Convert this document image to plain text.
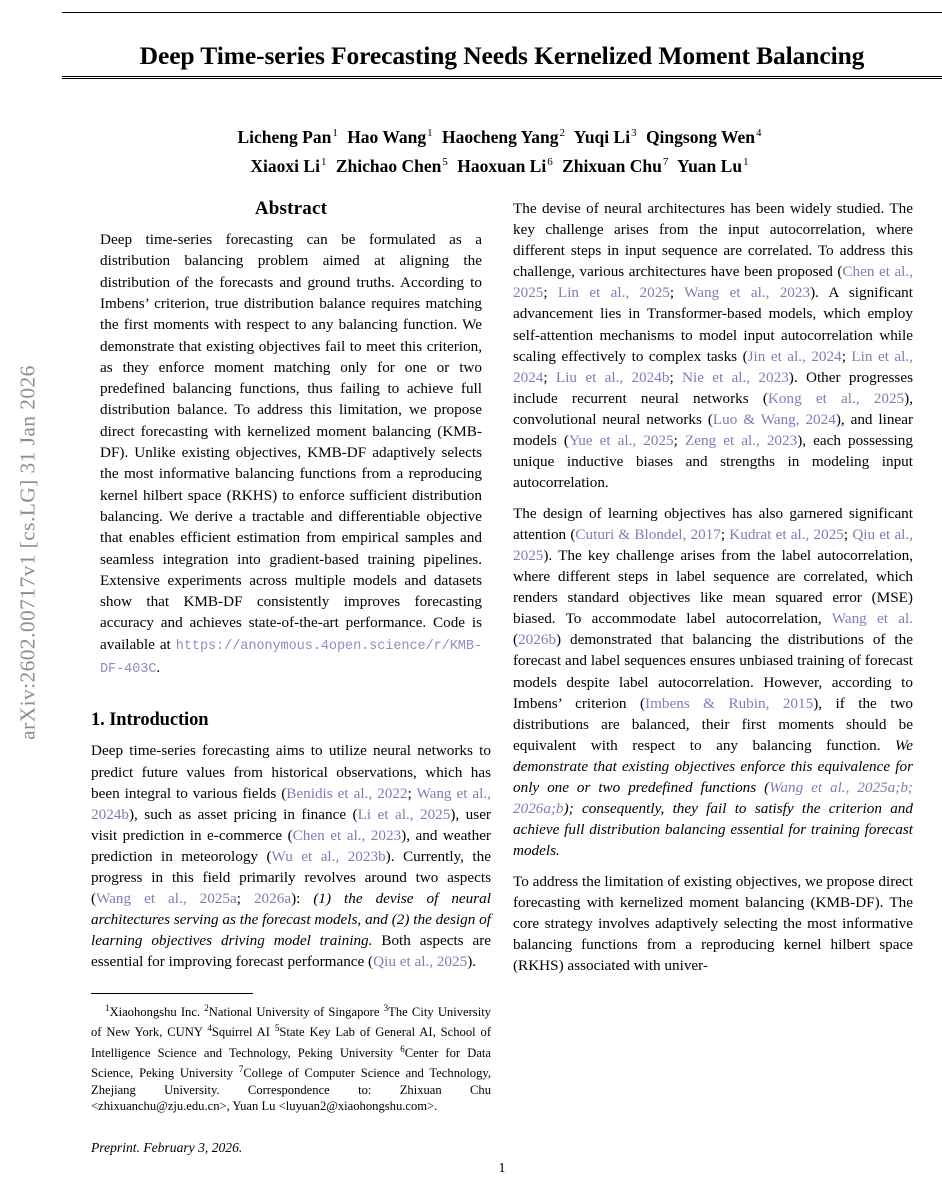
arXiv:2602.00717v1 [cs.LG] 31 Jan 2026
Deep Time-series Forecasting Needs Kernelized Moment Balancing
Licheng Pan$^1$ Hao Wang$^1$ Haocheng Yang$^2$ Yuqi Li$^3$ Qingsong Wen$^4$
Xiaoxi Li$^1$ Zhichao Chen$^5$ Haoxuan Li$^6$ Zhixuan Chu$^7$ Yuan Lu$^1$
Abstract

Deep time-series forecasting can be formulated as a distribution balancing problem aimed at aligning the distribution of the forecasts and ground truths. According to Imbens’ criterion, true distribution balance requires matching the first moments with respect to any balancing function. We demonstrate that existing objectives fail to meet this criterion, as they enforce moment matching only for one or two predefined balancing functions, thus failing to achieve full distribution balance. To address this limitation, we propose direct forecasting with kernelized moment balancing (KMB-DF). Unlike existing objectives, KMB-DF adaptively selects the most informative balancing functions from a reproducing kernel hilbert space (RKHS) to enforce sufficient distribution balancing. We derive a tractable and differentiable objective that enables efficient estimation from empirical samples and seamless integration into gradient-based training pipelines. Extensive experiments across multiple models and datasets show that KMB-DF consistently improves forecasting accuracy and achieves state-of-the-art performance. Code is available at https://anonymous.4open.science/r/KMB-DF-403C.

1. Introduction

Deep time-series forecasting aims to utilize neural networks to predict future values from historical observations, which has been integral to various fields (Benidis et al., 2022; Wang et al., 2024b), such as asset pricing in finance (Li et al., 2025), user visit prediction in e-commerce (Chen et al., 2023), and weather prediction in meteorology (Wu et al., 2023b). Currently, the progress in this field primarily revolves around two aspects (Wang et al., 2025a; 2026a): (1) the devise of neural architectures serving as the forecast models, and (2) the design of learning objectives driving model training. Both aspects are essential for improving forecast performance (Qiu et al., 2025).

The devise of neural architectures has been widely studied. The key challenge arises from the input autocorrelation, where different steps in input sequence are correlated. To address this challenge, various architectures have been proposed (Chen et al., 2025; Lin et al., 2025; Wang et al., 2023). A significant advancement lies in Transformer-based models, which employ self-attention mechanisms to model input autocorrelation while scaling effectively to complex tasks (Jin et al., 2024; Lin et al., 2024; Liu et al., 2024b; Nie et al., 2023). Other progresses include recurrent neural networks (Kong et al., 2025), convolutional neural networks (Luo & Wang, 2024), and linear models (Yue et al., 2025; Zeng et al., 2023), each possessing unique inductive biases and strengths in modeling input autocorrelation.

The design of learning objectives has also garnered significant attention (Cuturi & Blondel, 2017; Kudrat et al., 2025; Qiu et al., 2025). The key challenge arises from the label autocorrelation, where different steps in label sequence are correlated, which renders standard objectives like mean squared error (MSE) biased. To accommodate label autocorrelation, Wang et al. (2026b) demonstrated that balancing the distributions of the forecast and label sequences ensures unbiased training of forecast models despite label autocorrelation. However, according to Imbens’ criterion (Imbens & Rubin, 2015), if the two distributions are balanced, their first moments should be equivalent with respect to any balancing function. We demonstrate that existing objectives enforce this equivalence for only one or two predefined functions (Wang et al., 2025a;b; 2026a;b); consequently, they fail to satisfy the criterion and achieve full distribution balancing essential for training forecast models.

To address the limitation of existing objectives, we propose direct forecasting with kernelized moment balancing (KMB-DF). The core strategy involves adaptively selecting the most informative balancing functions from a reproducing kernel hilbert space (RKHS) associated with univer-

$^1$Xiaohongshu Inc. $^2$National University of Singapore $^3$The City University of New York, CUNY $^4$Squirrel AI $^5$State Key Lab of General AI, School of Intelligence Science and Technology, Peking University $^6$Center for Data Science, Peking University $^7$College of Computer Science and Technology, Zhejiang University. Correspondence to: Zhixuan Chu <zhixuanchu@zju.edu.cn>, Yuan Lu <luyuan2@xiaohongshu.com>.
Preprint. February 3, 2026.
1
